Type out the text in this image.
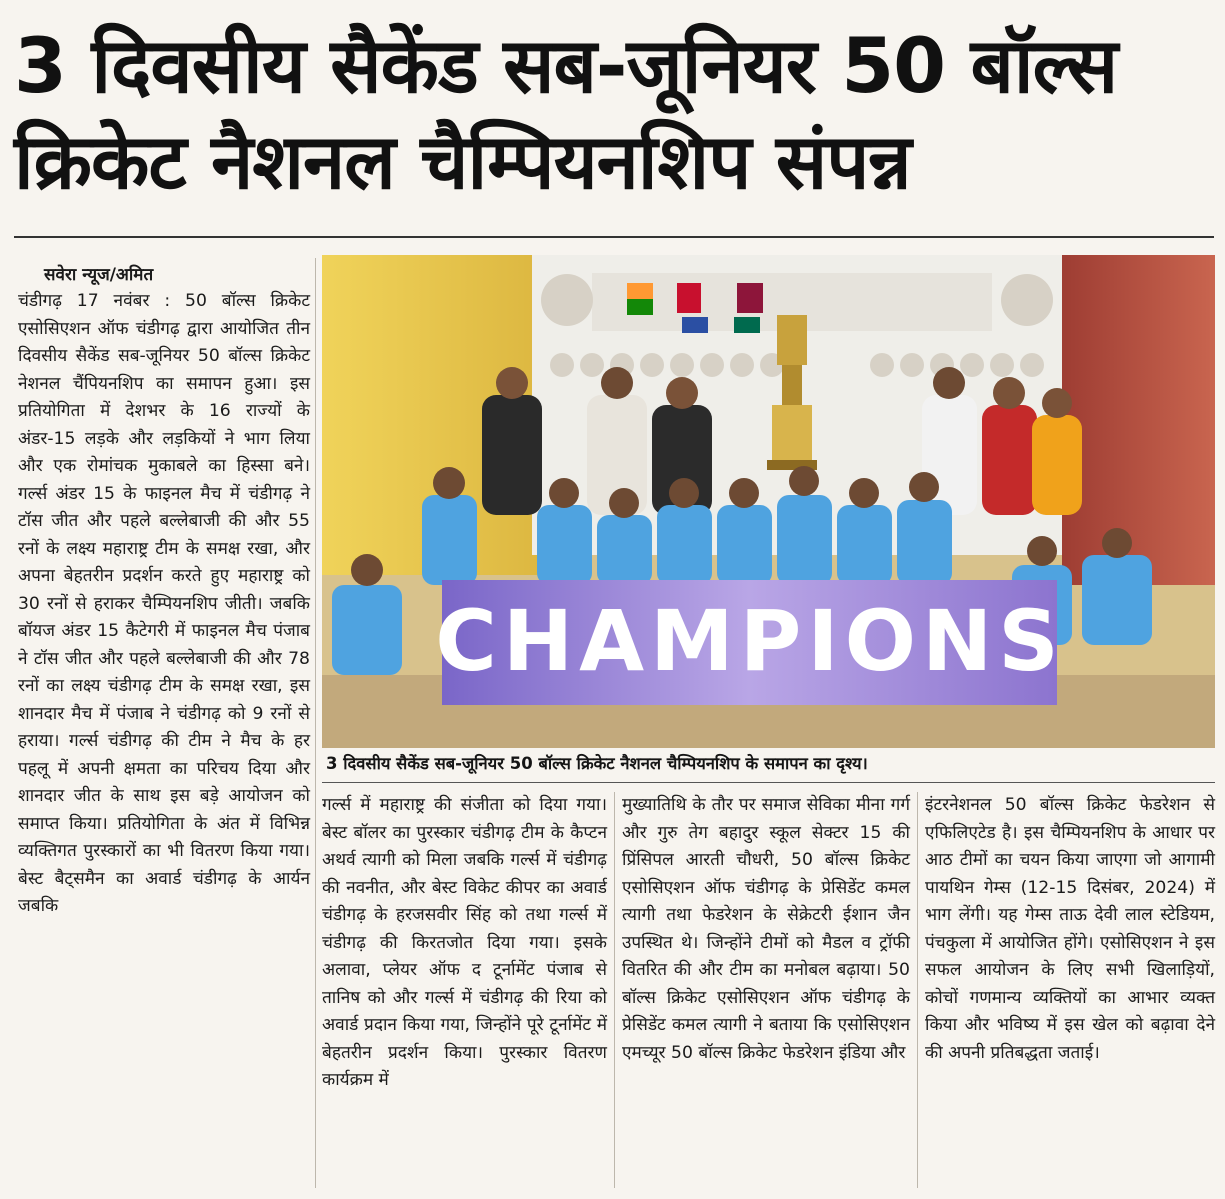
3 दिवसीय सैकेंड सब-जूनियर 50 बॉल्स
क्रिकेट नैशनल चैम्पियनशिप संपन्न
सवेरा न्यूज/अमित
चंडीगढ़ 17 नवंबर : 50 बॉल्स क्रिकेट एसोसिएशन ऑफ चंडीगढ़ द्वारा आयोजित तीन दिवसीय सैकेंड सब-जूनियर 50 बॉल्स क्रिकेट नेशनल चैंपियनशिप का समापन हुआ। इस प्रतियोगिता में देशभर के 16 राज्यों के अंडर-15 लड़के और लड़कियों ने भाग लिया और एक रोमांचक मुकाबले का हिस्सा बने। गर्ल्स अंडर 15 के फाइनल मैच में चंडीगढ़ ने टॉस जीत और पहले बल्लेबाजी की और 55 रनों के लक्ष्य महाराष्ट्र टीम के समक्ष रखा, और अपना बेहतरीन प्रदर्शन करते हुए महाराष्ट्र को 30 रनों से हराकर चैम्पियनशिप जीती। जबकि बॉयज अंडर 15 कैटेगरी में फाइनल मैच पंजाब ने टॉस जीत और पहले बल्लेबाजी की और 78 रनों का लक्ष्य चंडीगढ़ टीम के समक्ष रखा, इस शानदार मैच में पंजाब ने चंडीगढ़ को 9 रनों से हराया। गर्ल्स चंडीगढ़ की टीम ने मैच के हर पहलू में अपनी क्षमता का परिचय दिया और शानदार जीत के साथ इस बड़े आयोजन को समाप्त किया। प्रतियोगिता के अंत में विभिन्न व्यक्तिगत पुरस्कारों का भी वितरण किया गया। बेस्ट बैट्समैन का अवार्ड चंडीगढ़ के आर्यन जबकि
CHAMPIONS
3 दिवसीय सैकेंड सब-जूनियर 50 बॉल्स क्रिकेट नैशनल चैम्पियनशिप के समापन का दृश्य।
गर्ल्स में महाराष्ट्र की संजीता को दिया गया। बेस्ट बॉलर का पुरस्कार चंडीगढ़ टीम के कैप्टन अथर्व त्यागी को मिला जबकि गर्ल्स में चंडीगढ़ की नवनीत, और बेस्ट विकेट कीपर का अवार्ड चंडीगढ़ के हरजसवीर सिंह को तथा गर्ल्स में चंडीगढ़ की किरतजोत दिया गया। इसके अलावा, प्लेयर ऑफ द टूर्नामेंट पंजाब से तानिष को और गर्ल्स में चंडीगढ़ की रिया को अवार्ड प्रदान किया गया, जिन्होंने पूरे टूर्नामेंट में बेहतरीन प्रदर्शन किया। पुरस्कार वितरण कार्यक्रम में
मुख्यातिथि के तौर पर समाज सेविका मीना गर्ग और गुरु तेग बहादुर स्कूल सेक्टर 15 की प्रिंसिपल आरती चौधरी, 50 बॉल्स क्रिकेट एसोसिएशन ऑफ चंडीगढ़ के प्रेसिडेंट कमल त्यागी तथा फेडरेशन के सेक्रेटरी ईशान जैन उपस्थित थे। जिन्होंने टीमों को मैडल व ट्रॉफी वितरित की और टीम का मनोबल बढ़ाया। 50 बॉल्स क्रिकेट एसोसिएशन ऑफ चंडीगढ़ के प्रेसिडेंट कमल त्यागी ने बताया कि एसोसिएशन एमच्यूर 50 बॉल्स क्रिकेट फेडरेशन इंडिया और
इंटरनेशनल 50 बॉल्स क्रिकेट फेडरेशन से एफिलिएटेड है। इस चैम्पियनशिप के आधार पर आठ टीमों का चयन किया जाएगा जो आगामी पायथिन गेम्स (12-15 दिसंबर, 2024) में भाग लेंगी। यह गेम्स ताऊ देवी लाल स्टेडियम, पंचकुला में आयोजित होंगे। एसोसिएशन ने इस सफल आयोजन के लिए सभी खिलाड़ियों, कोचों गणमान्य व्यक्तियों का आभार व्यक्त किया और भविष्य में इस खेल को बढ़ावा देने की अपनी प्रतिबद्धता जताई।
